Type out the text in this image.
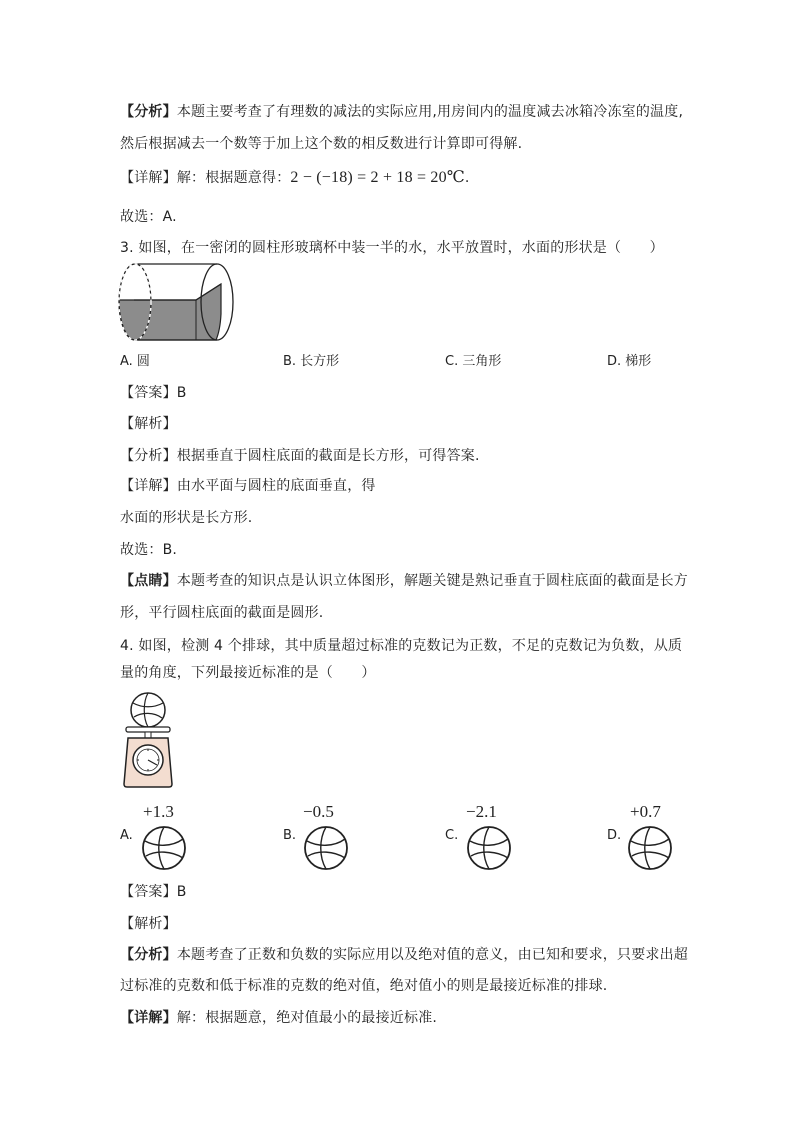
【分析】本题主要考查了有理数的减法的实际应用,用房间内的温度减去冰箱冷冻室的温度,
然后根据减去一个数等于加上这个数的相反数进行计算即可得解.
【详解】解：根据题意得：2 − (−18) = 2 + 18 = 20℃.
故选：A.
3. 如图，在一密闭的圆柱形玻璃杯中装一半的水，水平放置时，水面的形状是（　　）
A. 圆	B. 长方形	C. 三角形	D. 梯形
【答案】B
【解析】
【分析】根据垂直于圆柱底面的截面是长方形，可得答案.
【详解】由水平面与圆柱的底面垂直，得
水面的形状是长方形.
故选：B.
【点睛】本题考查的知识点是认识立体图形，解题关键是熟记垂直于圆柱底面的截面是长方
形，平行圆柱底面的截面是圆形.
4. 如图，检测 4 个排球，其中质量超过标准的克数记为正数，不足的克数记为负数，从质
量的角度，下列最接近标准的是（　　）
+1.3	−0.5	−2.1	+0.7
A.	B.	C.	D.
【答案】B
【解析】
【分析】本题考查了正数和负数的实际应用以及绝对值的意义，由已知和要求，只要求出超
过标准的克数和低于标准的克数的绝对值，绝对值小的则是最接近标准的排球.
【详解】解：根据题意，绝对值最小的最接近标准.
